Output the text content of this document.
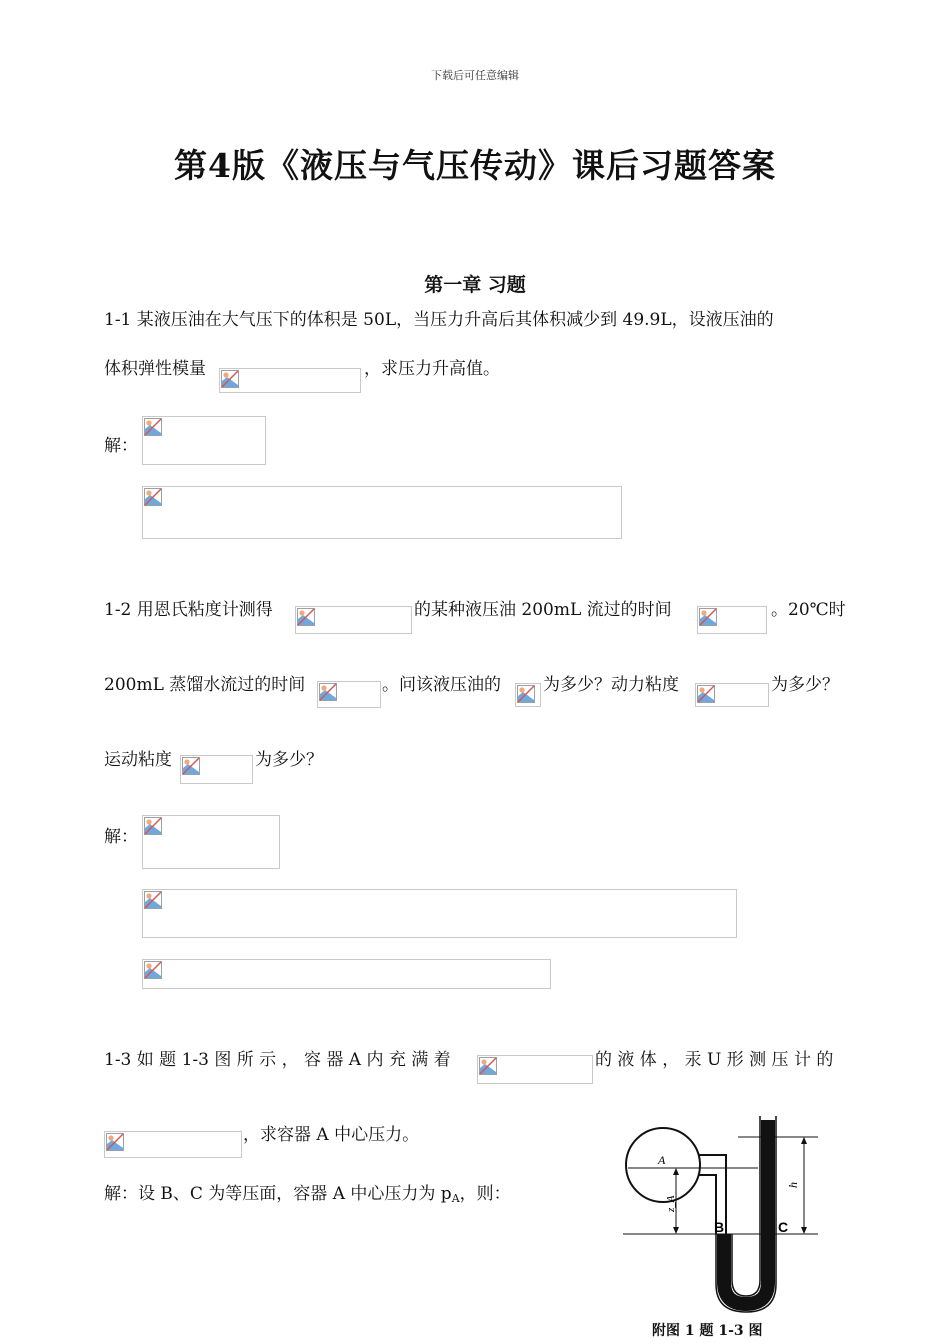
下载后可任意编辑
第4版《液压与气压传动》课后习题答案
第一章 习题
1-1 某液压油在大气压下的体积是 50L，当压力升高后其体积减少到 49.9L，设液压油的
体积弹性模量	，求压力升高值。
解：
1-2 用恩氏粘度计测得	的某种液压油 200mL 流过的时间	。20℃时
200mL 蒸馏水流过的时间	。问该液压油的 为多少？动力粘度	为多少？
运动粘度	为多少？
解：
1-3 如 题 1-3 图 所 示 ， 容 器 A 内 充 满 着	的 液 体 ， 汞 U 形 测 压 计 的
，求容器 A 中心压力。
解：设 B、C 为等压面，容器 A 中心压力为 pA，则：
A
z_A
B	C
h
附图 1 题 1-3 图
